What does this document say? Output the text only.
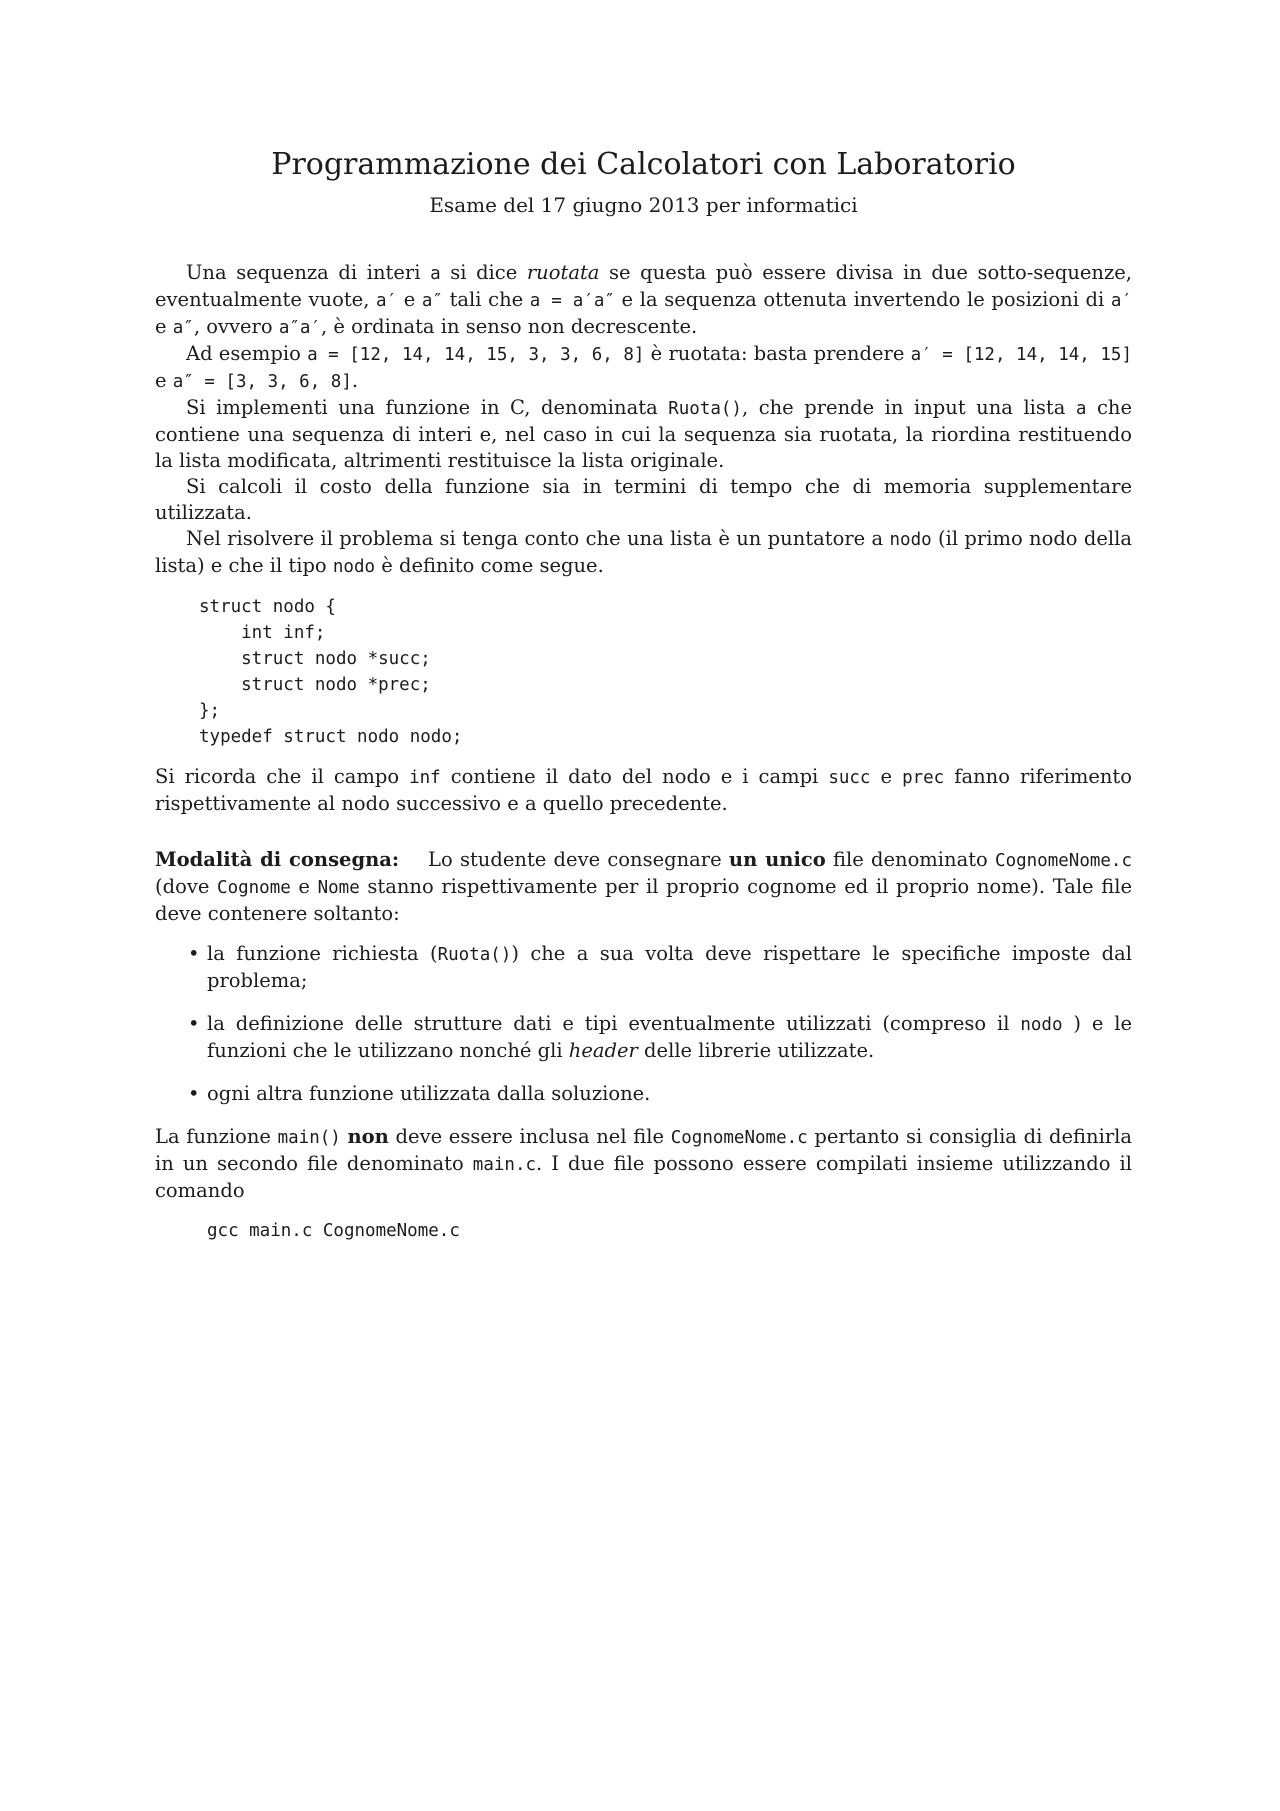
Programmazione dei Calcolatori con Laboratorio
Esame del 17 giugno 2013 per informatici

Una sequenza di interi a si dice ruotata se questa può essere divisa in due sotto-sequenze, eventualmente vuote, a′ e a″ tali che a = a′a″ e la sequenza ottenuta invertendo le posizioni di a′ e a″, ovvero a″a′, è ordinata in senso non decrescente.

Ad esempio a = [12, 14, 14, 15, 3, 3, 6, 8] è ruotata: basta prendere a′ = [12, 14, 14, 15] e a″ = [3, 3, 6, 8].

Si implementi una funzione in C, denominata Ruota(), che prende in input una lista a che contiene una sequenza di interi e, nel caso in cui la sequenza sia ruotata, la riordina restituendo la lista modificata, altrimenti restituisce la lista originale.

Si calcoli il costo della funzione sia in termini di tempo che di memoria supplementare utilizzata.

Nel risolvere il problema si tenga conto che una lista è un puntatore a nodo (il primo nodo della lista) e che il tipo nodo è definito come segue.

struct nodo {
int inf;
struct nodo *succ;
struct nodo *prec;
};
typedef struct nodo nodo;

Si ricorda che il campo inf contiene il dato del nodo e i campi succ e prec fanno riferimento rispettivamente al nodo successivo e a quello precedente.

Modalità di consegna: Lo studente deve consegnare un unico file denominato CognomeNome.c (dove Cognome e Nome stanno rispettivamente per il proprio cognome ed il proprio nome). Tale file deve contenere soltanto:

• la funzione richiesta (Ruota()) che a sua volta deve rispettare le specifiche imposte dal problema;
• la definizione delle strutture dati e tipi eventualmente utilizzati (compreso il nodo ) e le funzioni che le utilizzano nonché gli header delle librerie utilizzate.
• ogni altra funzione utilizzata dalla soluzione.

La funzione main() non deve essere inclusa nel file CognomeNome.c pertanto si consiglia di definirla in un secondo file denominato main.c. I due file possono essere compilati insieme utilizzando il comando

gcc main.c CognomeNome.c
